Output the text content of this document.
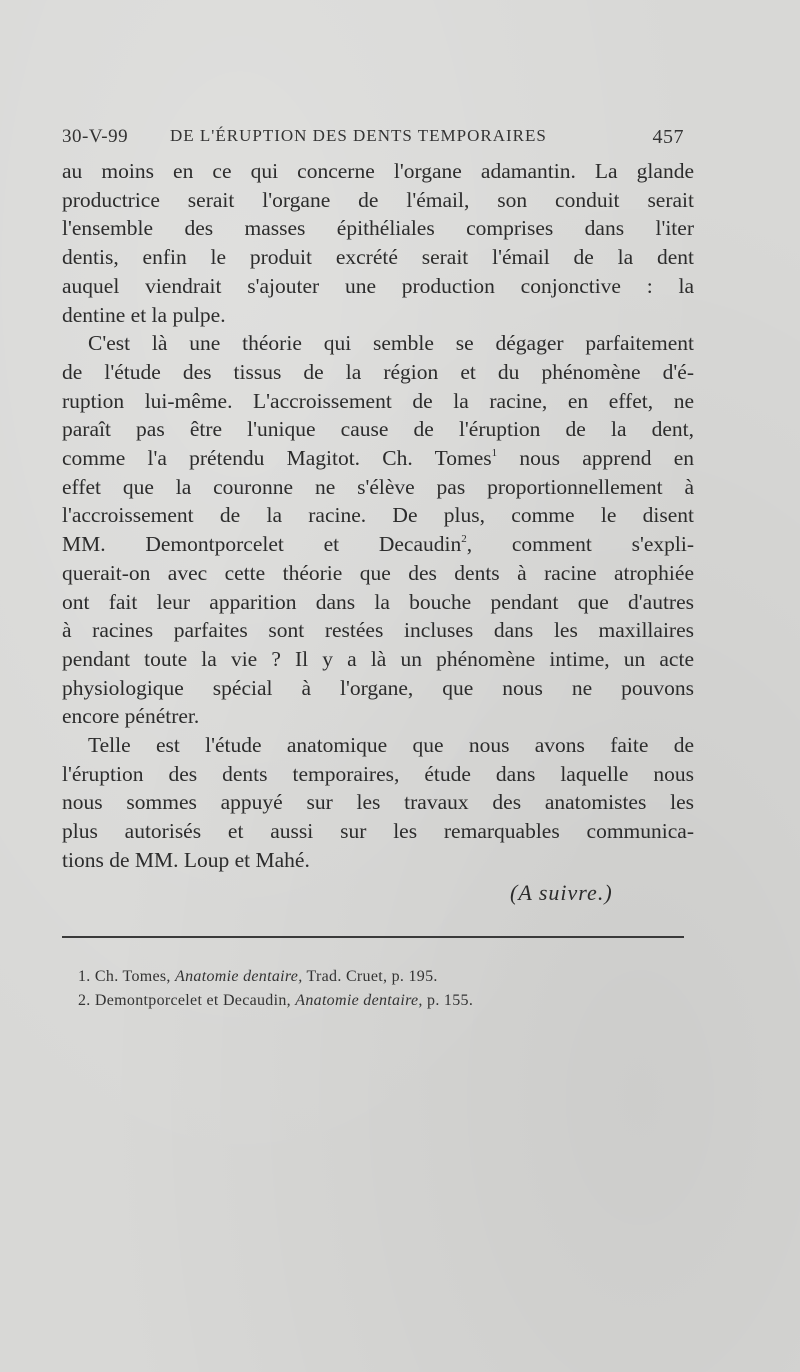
30-V-99 DE L'ÉRUPTION DES DENTS TEMPORAIRES	457

au moins en ce qui concerne l'organe adamantin. La glande
productrice serait l'organe de l'émail, son conduit serait
l'ensemble des masses épithéliales comprises dans l'iter
dentis, enfin le produit excrété serait l'émail de la dent
auquel viendrait s'ajouter une production conjonctive : la
dentine et la pulpe.

C'est là une théorie qui semble se dégager parfaitement
de l'étude des tissus de la région et du phénomène d'é-
ruption lui-même. L'accroissement de la racine, en effet, ne
paraît pas être l'unique cause de l'éruption de la dent,
comme l'a prétendu Magitot. Ch. Tomes$^1$ nous apprend en
effet que la couronne ne s'élève pas proportionnellement à
l'accroissement de la racine. De plus, comme le disent
MM. Demontporcelet et Decaudin$^2$, comment s'expli-
querait-on avec cette théorie que des dents à racine atrophiée
ont fait leur apparition dans la bouche pendant que d'autres
à racines parfaites sont restées incluses dans les maxillaires
pendant toute la vie ? Il y a là un phénomène intime, un acte
physiologique spécial à l'organe, que nous ne pouvons
encore pénétrer.

Telle est l'étude anatomique que nous avons faite de
l'éruption des dents temporaires, étude dans laquelle nous
nous sommes appuyé sur les travaux des anatomistes les
plus autorisés et aussi sur les remarquables communica-
tions de MM. Loup et Mahé.

(A suivre.)
1. Ch. Tomes, Anatomie dentaire, Trad. Cruet, p. 195.
2. Demontporcelet et Decaudin, Anatomie dentaire, p. 155.
